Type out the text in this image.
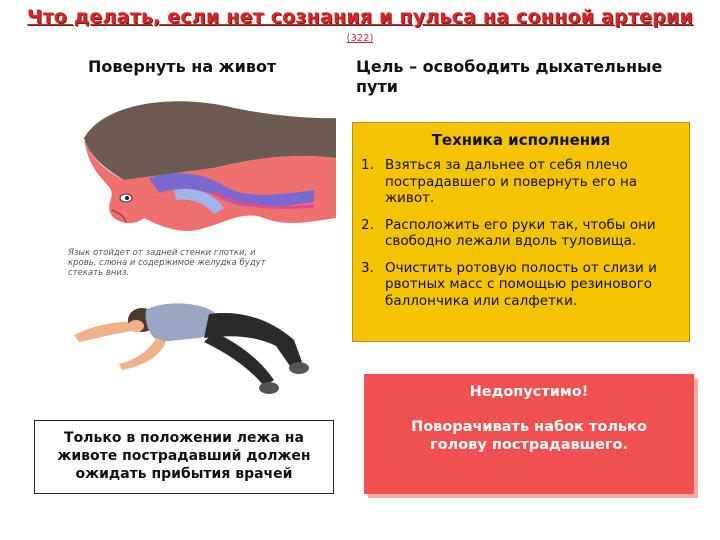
Что делать, если нет сознания и пульса на сонной артерии
(322)
Повернуть на живот	Цель – освободить дыхательные пути
Язык отойдет от задней стенки глотки, и кровь, слюна и содержимое желудка будут стекать вниз.
Техника исполнения
1. Взяться за дальнее от себя плечо пострадавшего и повернуть его на живот.
2. Расположить его руки так, чтобы они свободно лежали вдоль туловища.
3. Очистить ротовую полость от слизи и рвотных масс с помощью резинового баллончика или салфетки.
Недопустимо!
Поворачивать набок только голову пострадавшего.
Только в положении лежа на животе пострадавший должен ожидать прибытия врачей
